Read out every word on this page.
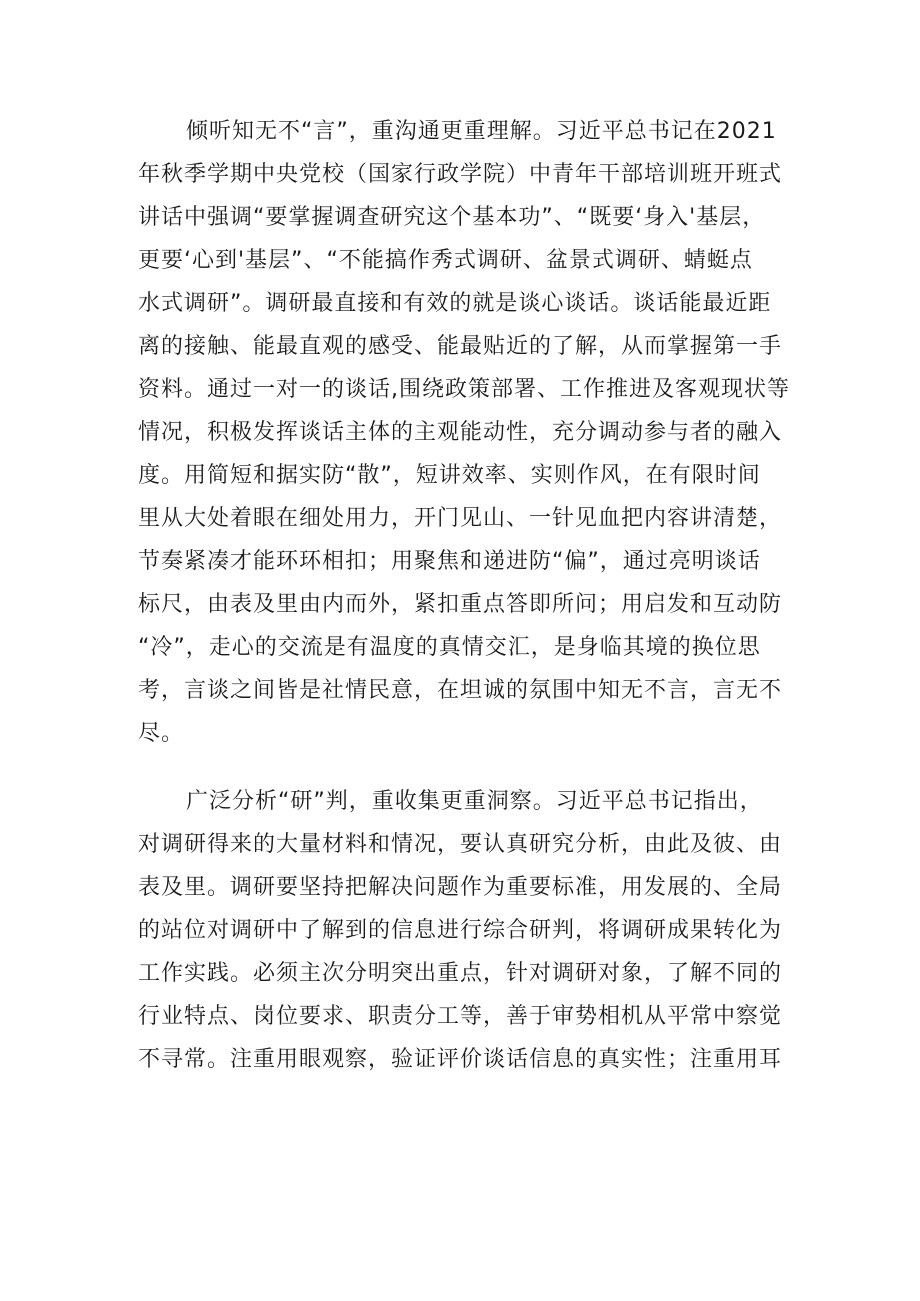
倾听知无不“言”，重沟通更重理解。习近平总书记在2021
年秋季学期中央党校（国家行政学院）中青年干部培训班开班式
讲话中强调“要掌握调查研究这个基本功”、“既要‘身入'基层，
更要‘心到'基层”、“不能搞作秀式调研、盆景式调研、蜻蜓点
水式调研”。调研最直接和有效的就是谈心谈话。谈话能最近距
离的接触、能最直观的感受、能最贴近的了解，从而掌握第一手
资料。通过一对一的谈话,围绕政策部署、工作推进及客观现状等
情况，积极发挥谈话主体的主观能动性，充分调动参与者的融入
度。用简短和据实防“散”，短讲效率、实则作风，在有限时间
里从大处着眼在细处用力，开门见山、一针见血把内容讲清楚，
节奏紧凑才能环环相扣；用聚焦和递进防“偏”，通过亮明谈话
标尺，由表及里由内而外，紧扣重点答即所问；用启发和互动防
“冷”，走心的交流是有温度的真情交汇，是身临其境的换位思
考，言谈之间皆是社情民意，在坦诚的氛围中知无不言，言无不
尽。
广泛分析“研”判，重收集更重洞察。习近平总书记指出，
对调研得来的大量材料和情况，要认真研究分析，由此及彼、由
表及里。调研要坚持把解决问题作为重要标准，用发展的、全局
的站位对调研中了解到的信息进行综合研判，将调研成果转化为
工作实践。必须主次分明突出重点，针对调研对象，了解不同的
行业特点、岗位要求、职责分工等，善于审势相机从平常中察觉
不寻常。注重用眼观察，验证评价谈话信息的真实性；注重用耳
